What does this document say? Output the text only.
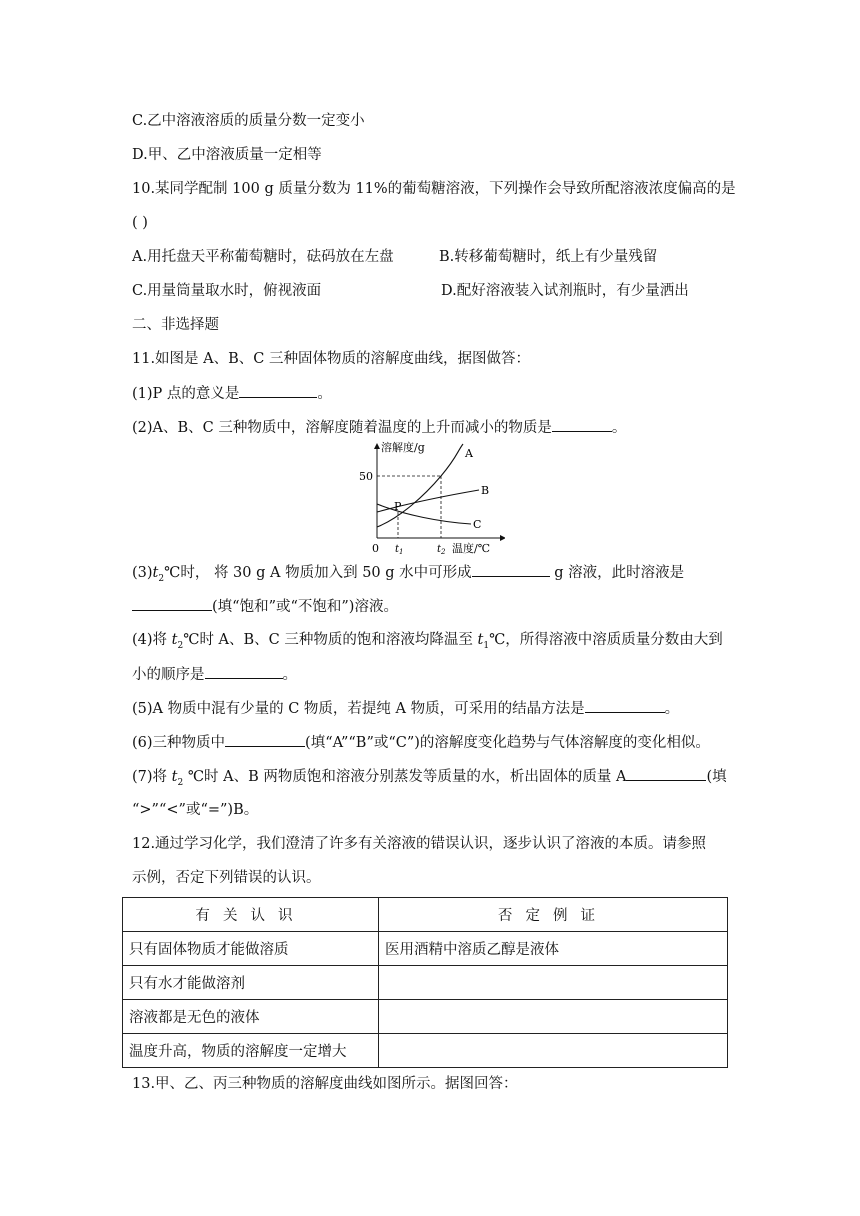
C.乙中溶液溶质的质量分数一定变小
D.甲、乙中溶液质量一定相等
10.某同学配制 100 g 质量分数为 11%的葡萄糖溶液，下列操作会导致所配溶液浓度偏高的是
( )
A.用托盘天平称葡萄糖时，砝码放在左盘	B.转移葡萄糖时，纸上有少量残留
C.用量筒量取水时，俯视液面	D.配好溶液装入试剂瓶时，有少量洒出
二、非选择题
11.如图是 A、B、C 三种固体物质的溶解度曲线，据图做答：
(1)P 点的意义是	。
(2)A、B、C 三种物质中，溶解度随着温度的上升而减小的物质是	。
溶解度/g
50
0 $t_1$	$t_2$ 温度/℃
A
B
C
P
$(3)t_2℃$时， 将 30 g A 物质加入到 50 g 水中可形成	g 溶液，此时溶液是
(填“饱和”或“不饱和”)溶液。
(4)将 $t_2℃$时 A、B、C 三种物质的饱和溶液均降温至 $t_1℃$，所得溶液中溶质质量分数由大到
小的顺序是	。
(5)A 物质中混有少量的 C 物质，若提纯 A 物质，可采用的结晶方法是	。
(6)三种物质中	(填“A”“B”或“C”)的溶解度变化趋势与气体溶解度的变化相似。
(7)将 $t_2$ ℃时 A、B 两物质饱和溶液分别蒸发等质量的水，析出固体的质量 A	(填
“>”“<”或“=”)B。
12.通过学习化学，我们澄清了许多有关溶液的错误认识，逐步认识了溶液的本质。请参照
示例，否定下列错误的认识。
有关认识	否定例证
只有固体物质才能做溶质	医用酒精中溶质乙醇是液体
只有水才能做溶剂	
溶液都是无色的液体	
温度升高，物质的溶解度一定增大	
13.甲、乙、丙三种物质的溶解度曲线如图所示。据图回答：
